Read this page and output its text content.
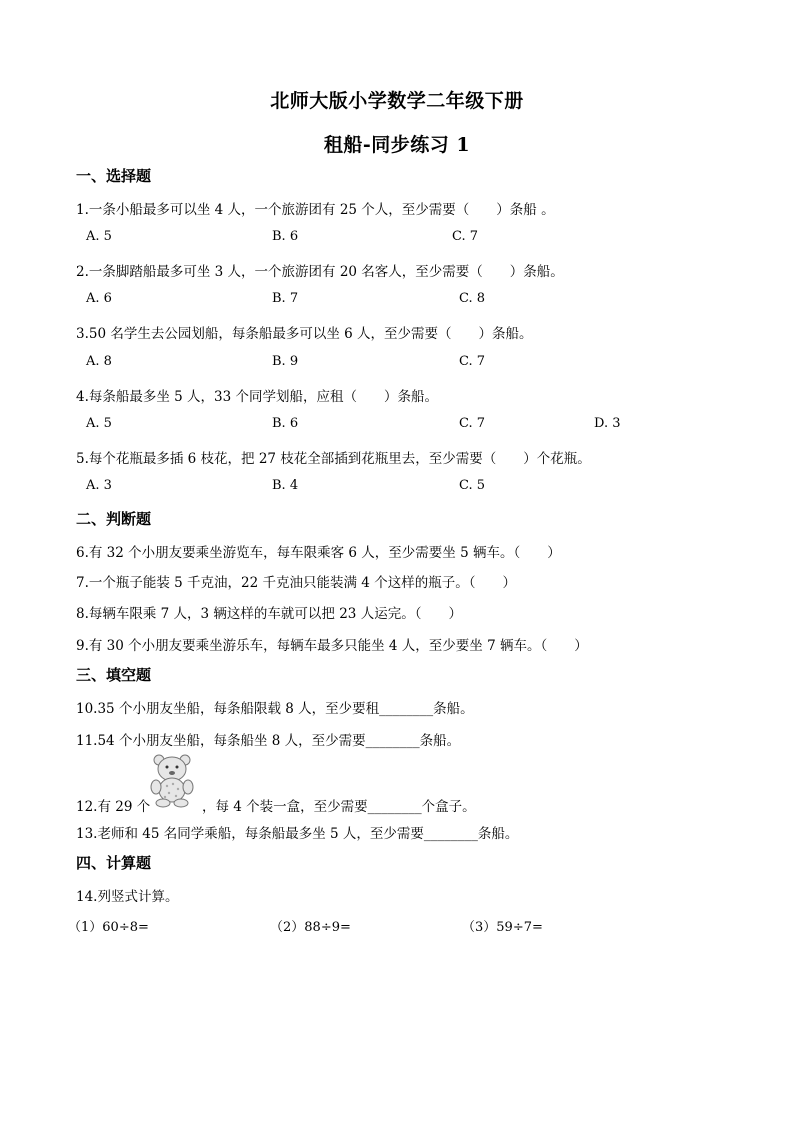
北师大版小学数学二年级下册
租船-同步练习 1
一、选择题
1.一条小船最多可以坐 4 人，一个旅游团有 25 个人，至少需要（　　）条船 。
A. 5	B. 6	C. 7
2.一条脚踏船最多可坐 3 人，一个旅游团有 20 名客人，至少需要（　　）条船。
A. 6	B. 7	C. 8
3.50 名学生去公园划船，每条船最多可以坐 6 人，至少需要（　　）条船。
A. 8	B. 9	C. 7
4.每条船最多坐 5 人，33 个同学划船，应租（　　）条船。
A. 5	B. 6	C. 7	D. 3
5.每个花瓶最多插 6 枝花，把 27 枝花全部插到花瓶里去，至少需要（　　）个花瓶。
A. 3	B. 4	C. 5
二、判断题
6.有 32 个小朋友要乘坐游览车，每车限乘客 6 人，至少需要坐 5 辆车。（　　）
7.一个瓶子能装 5 千克油，22 千克油只能装满 4 个这样的瓶子。（　　）
8.每辆车限乘 7 人，3 辆这样的车就可以把 23 人运完。（　　）
9.有 30 个小朋友要乘坐游乐车，每辆车最多只能坐 4 人，至少要坐 7 辆车。（　　）
三、填空题
10.35 个小朋友坐船，每条船限载 8 人，至少要租________条船。
11.54 个小朋友坐船，每条船坐 8 人，至少需要________条船。
12.有 29 个	，每 4 个装一盒，至少需要________个盒子。
13.老师和 45 名同学乘船，每条船最多坐 5 人，至少需要________条船。
四、计算题
14.列竖式计算。
（1）60÷8=	（2）88÷9=	（3）59÷7=
